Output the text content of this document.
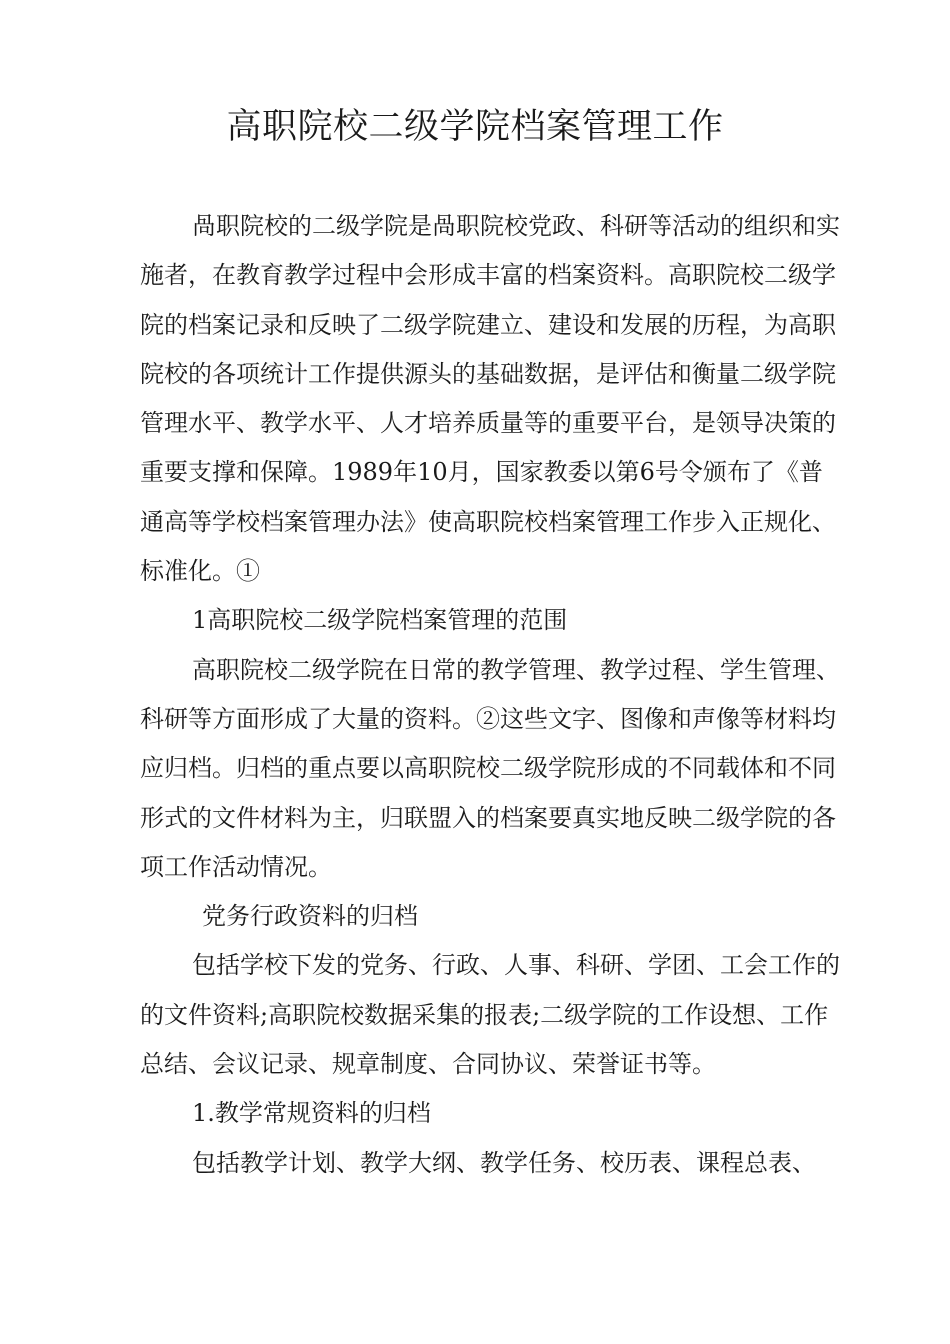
高职院校二级学院档案管理工作

咼职院校的二级学院是咼职院校党政、科研等活动的组织和实施者，在教育教学过程中会形成丰富的档案资料。高职院校二级学院的档案记录和反映了二级学院建立、建设和发展的历程，为高职院校的各项统计工作提供源头的基础数据，是评估和衡量二级学院管理水平、教学水平、人才培养质量等的重要平台，是领导决策的重要支撑和保障。1989年10月，国家教委以第6号令颁布了《普通高等学校档案管理办法》使高职院校档案管理工作步入正规化、标准化。①

1高职院校二级学院档案管理的范围

高职院校二级学院在日常的教学管理、教学过程、学生管理、科研等方面形成了大量的资料。②这些文字、图像和声像等材料均应归档。归档的重点要以高职院校二级学院形成的不同载体和不同形式的文件材料为主，归联盟入的档案要真实地反映二级学院的各项工作活动情况。

党务行政资料的归档

包括学校下发的党务、行政、人事、科研、学团、工会工作的的文件资料;高职院校数据采集的报表;二级学院的工作设想、工作总结、会议记录、规章制度、合同协议、荣誉证书等。

1.教学常规资料的归档

包括教学计划、教学大纲、教学任务、校历表、课程总表、
